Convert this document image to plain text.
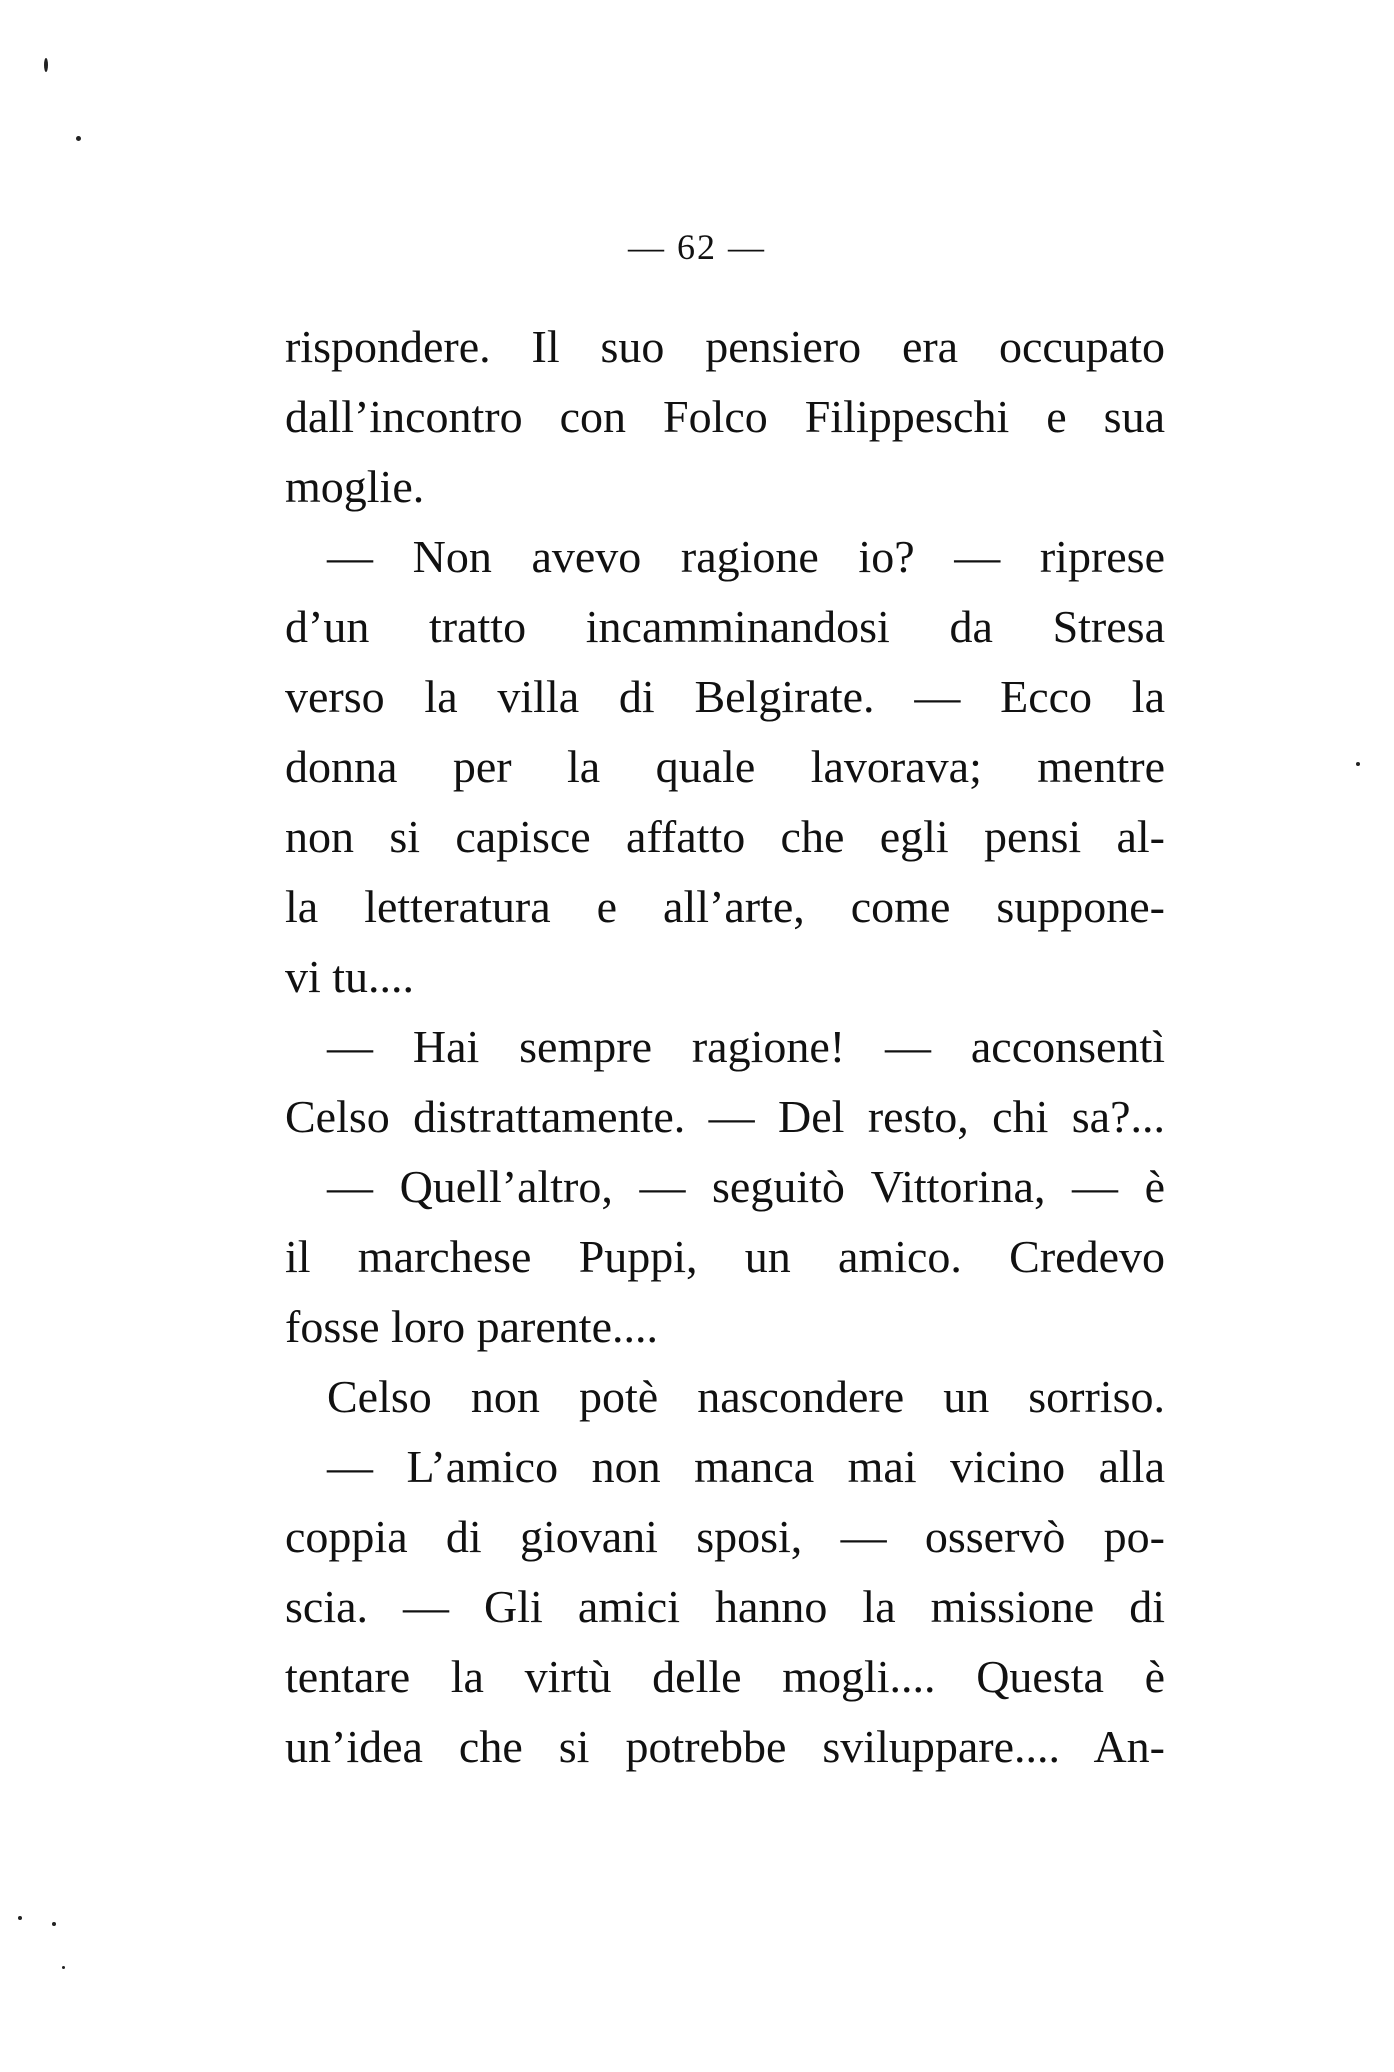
— 62 —
rispondere. Il suo pensiero era occupato
dall’incontro con Folco Filippeschi e sua
moglie.
— Non avevo ragione io? — riprese
d’un tratto incamminandosi da Stresa
verso la villa di Belgirate. — Ecco la
donna per la quale lavorava; mentre
non si capisce affatto che egli pensi al-
la letteratura e all’arte, come suppone-
vi tu....
— Hai sempre ragione! — acconsentì
Celso distrattamente. — Del resto, chi sa?...
— Quell’altro, — seguitò Vittorina, — è
il marchese Puppi, un amico. Credevo
fosse loro parente....
Celso non potè nascondere un sorriso.
— L’amico non manca mai vicino alla
coppia di giovani sposi, — osservò po-
scia. — Gli amici hanno la missione di
tentare la virtù delle mogli.... Questa è
un’idea che si potrebbe sviluppare.... An-
